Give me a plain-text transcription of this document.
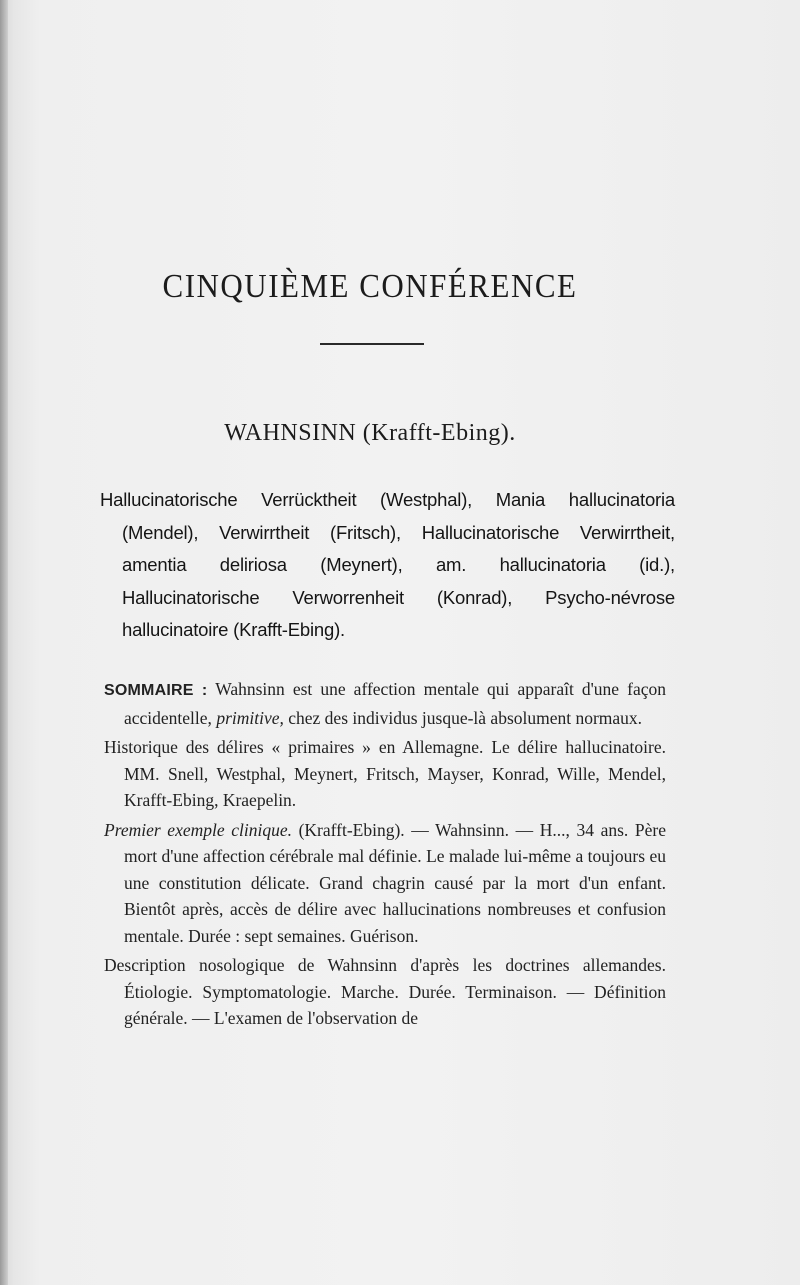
CINQUIÈME CONFÉRENCE
WAHNSINN (Krafft-Ebing).

Hallucinatorische Verrücktheit (Westphal), Mania hallucinatoria (Mendel), Verwirrtheit (Fritsch), Hallucinatorische Verwirrtheit, amentia deliriosa (Meynert), am. hallucinatoria (id.), Hallucinatorische Verworrenheit (Konrad), Psycho-névrose hallucinatoire (Krafft-Ebing).

SOMMAIRE : Wahnsinn est une affection mentale qui apparaît d'une façon accidentelle, primitive, chez des individus jusque-là absolument normaux.

Historique des délires « primaires » en Allemagne. Le délire hallucinatoire. MM. Snell, Westphal, Meynert, Fritsch, Mayser, Konrad, Wille, Mendel, Krafft-Ebing, Kraepelin.

Premier exemple clinique. (Krafft-Ebing). — Wahnsinn. — H..., 34 ans. Père mort d'une affection cérébrale mal définie. Le malade lui-même a toujours eu une constitution délicate. Grand chagrin causé par la mort d'un enfant. Bientôt après, accès de délire avec hallucinations nombreuses et confusion mentale. Durée : sept semaines. Guérison.

Description nosologique de Wahnsinn d'après les doctrines allemandes. Étiologie. Symptomatologie. Marche. Durée. Terminaison. — Définition générale. — L'examen de l'observation de
